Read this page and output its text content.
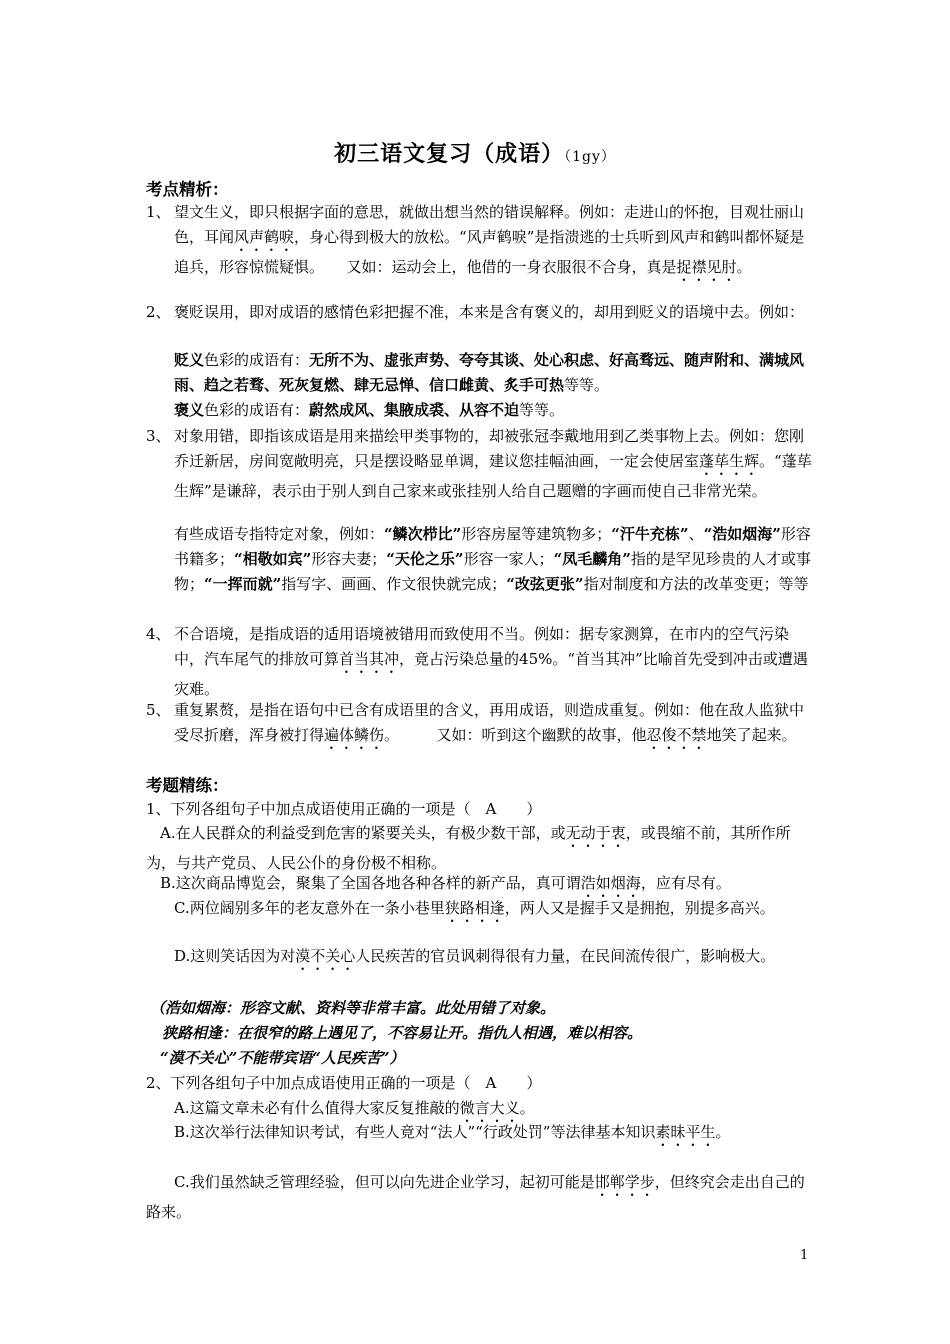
初三语文复习（成语）（1gy）
考点精析：
1、 望文生义，即只根据字面的意思，就做出想当然的错误解释。例如：走进山的怀抱，目观壮丽山色，耳闻风声鹤唳，身心得到极大的放松。“风声鹤唳”是指溃逃的士兵听到风声和鹤叫都怀疑是追兵，形容惊慌疑惧。　　又如：运动会上，他借的一身衣服很不合身，真是捉襟见肘。
2、 褒贬误用，即对成语的感情色彩把握不准，本来是含有褒义的，却用到贬义的语境中去。例如：
贬义色彩的成语有：无所不为、虚张声势、夸夸其谈、处心积虑、好高骛远、随声附和、满城风雨、趋之若骛、死灰复燃、肆无忌惮、信口雌黄、炙手可热等等。
褒义色彩的成语有：蔚然成风、集腋成裘、从容不迫等等。
3、 对象用错，即指该成语是用来描绘甲类事物的，却被张冠李戴地用到乙类事物上去。例如：您刚乔迁新居，房间宽敞明亮，只是摆设略显单调，建议您挂幅油画，一定会使居室蓬荜生辉。“蓬荜生辉”是谦辞，表示由于别人到自己家来或张挂别人给自己题赠的字画而使自己非常光荣。
有些成语专指特定对象，例如：“鳞次栉比”形容房屋等建筑物多；“汗牛充栋”、“浩如烟海”形容书籍多；“相敬如宾”形容夫妻；“天伦之乐”形容一家人；“凤毛麟角”指的是罕见珍贵的人才或事物；“一挥而就”指写字、画画、作文很快就完成；“改弦更张”指对制度和方法的改革变更；等等
4、 不合语境，是指成语的适用语境被错用而致使用不当。例如：据专家测算，在市内的空气污染中，汽车尾气的排放可算首当其冲，竟占污染总量的45%。“首当其冲”比喻首先受到冲击或遭遇灾难。
5、 重复累赘，是指在语句中已含有成语里的含义，再用成语，则造成重复。例如：他在敌人监狱中受尽折磨，浑身被打得遍体鳞伤。　　　又如：听到这个幽默的故事，他忍俊不禁地笑了起来。
考题精练：
1、下列各组句子中加点成语使用正确的一项是（　A　　）
A.在人民群众的利益受到危害的紧要关头，有极少数干部，或无动于衷，或畏缩不前，其所作所为，与共产党员、人民公仆的身份极不相称。
B.这次商品博览会，聚集了全国各地各种各样的新产品，真可谓浩如烟海，应有尽有。
C.两位阔别多年的老友意外在一条小巷里狭路相逢，两人又是握手又是拥抱，别提多高兴。
D.这则笑话因为对漠不关心人民疾苦的官员讽刺得很有力量，在民间流传很广，影响极大。
（浩如烟海：形容文献、资料等非常丰富。此处用错了对象。
狭路相逢：在很窄的路上遇见了，不容易让开。指仇人相遇，难以相容。
“漠不关心”不能带宾语“人民疾苦”）
2、下列各组句子中加点成语使用正确的一项是（　A　　）
A.这篇文章未必有什么值得大家反复推敲的微言大义。
B.这次举行法律知识考试，有些人竟对“法人”“行政处罚”等法律基本知识素昧平生。
C.我们虽然缺乏管理经验，但可以向先进企业学习，起初可能是邯郸学步，但终究会走出自己的路来。
1
